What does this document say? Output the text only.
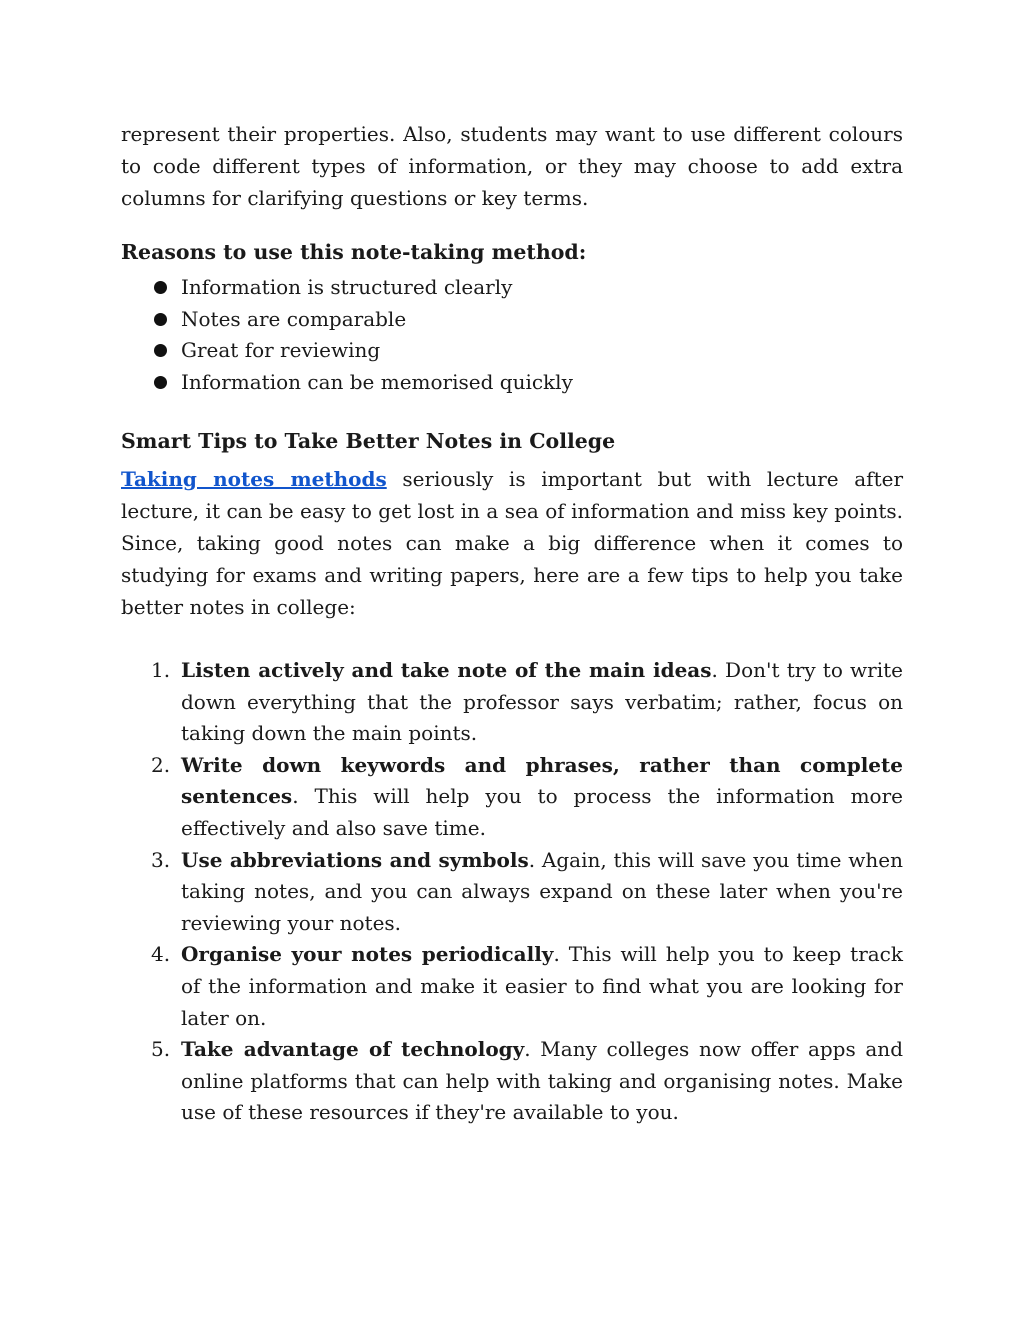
represent their properties. Also, students may want to use different colours to code different types of information, or they may choose to add extra columns for clarifying questions or key terms.

Reasons to use this note-taking method:
Information is structured clearly
Notes are comparable
Great for reviewing
Information can be memorised quickly
Smart Tips to Take Better Notes in College

Taking notes methods seriously is important but with lecture after lecture, it can be easy to get lost in a sea of information and miss key points. Since, taking good notes can make a big difference when it comes to studying for exams and writing papers, here are a few tips to help you take better notes in college:

1. Listen actively and take note of the main ideas. Don't try to write down everything that the professor says verbatim; rather, focus on taking down the main points.
2. Write down keywords and phrases, rather than complete sentences. This will help you to process the information more effectively and also save time.
3. Use abbreviations and symbols. Again, this will save you time when taking notes, and you can always expand on these later when you're reviewing your notes.
4. Organise your notes periodically. This will help you to keep track of the information and make it easier to find what you are looking for later on.
5. Take advantage of technology. Many colleges now offer apps and online platforms that can help with taking and organising notes. Make use of these resources if they're available to you.
